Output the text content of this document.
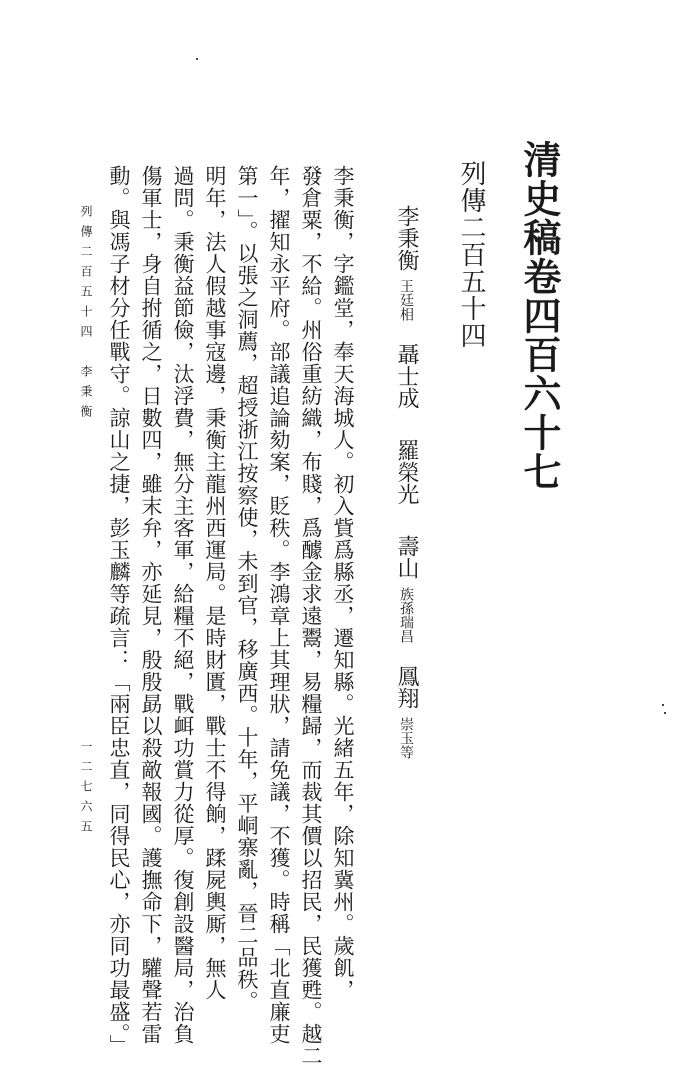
清史稿卷四百六十七
列傳二百五十四
李秉衡王廷相聶士成羅榮光壽山族孫瑞昌鳳翔崇玉等
李秉衡，字鑑堂，奉天海城人。初入貲爲縣丞，遷知縣。光緒五年，除知冀州。歲飢，
發倉粟，不給。州俗重紡織，布賤，爲醵金求遠鬻，易糧歸，而裁其價以招民，民獲甦。越二
年，擢知永平府。部議追論劾案，貶秩。李鴻章上其理狀，請免議，不獲。時稱「北直廉吏
第一」。以張之洞薦，超授浙江按察使，未到官，移廣西。十年，平峒寨亂，晉二品秩。
明年，法人假越事寇邊，秉衡主龍州西運局。是時財匱，戰士不得餉，蹂屍輿厮，無人
過問。秉衡益節儉，汰浮費，無分主客軍，給糧不絕，戰衈功賞力從厚。復創設醫局，治負
傷軍士，身自拊循之，日數四，雖末弁，亦延見，殷殷勗以殺敵報國。護撫命下，驩聲若雷
動。與馮子材分任戰守。諒山之捷，彭玉麟等疏言：「兩臣忠直，同得民心，亦同功最盛。」
列傳二百五十四　李秉衡
一二七六五
